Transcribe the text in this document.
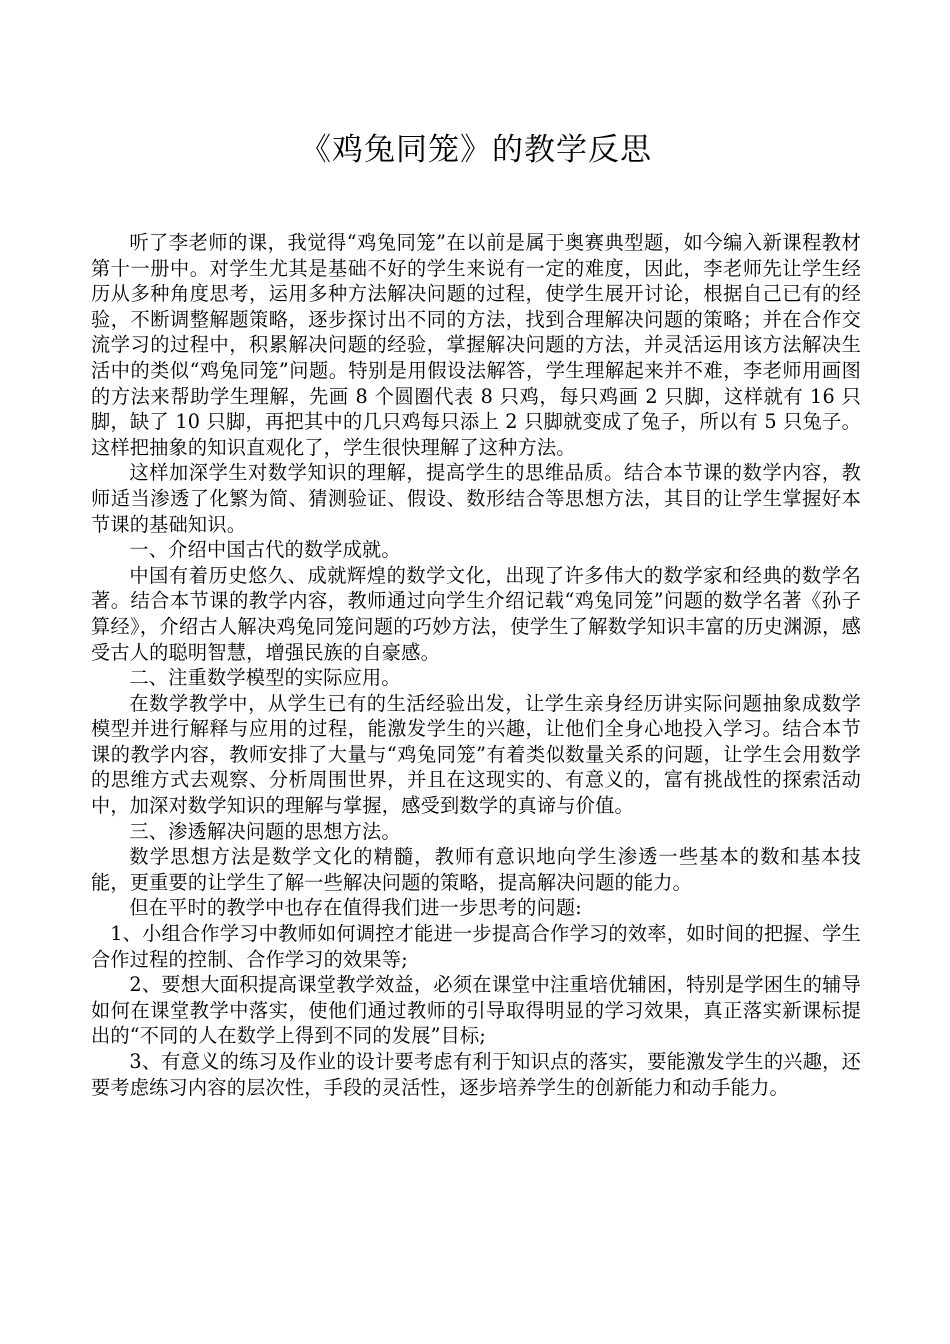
《鸡兔同笼》的教学反思

听了李老师的课，我觉得“鸡兔同笼”在以前是属于奥赛典型题，如今编入新课程教材第十一册中。对学生尤其是基础不好的学生来说有一定的难度，因此，李老师先让学生经历从多种角度思考，运用多种方法解决问题的过程，使学生展开讨论，根据自己已有的经验，不断调整解题策略，逐步探讨出不同的方法，找到合理解决问题的策略；并在合作交流学习的过程中，积累解决问题的经验，掌握解决问题的方法，并灵活运用该方法解决生活中的类似“鸡兔同笼”问题。特别是用假设法解答，学生理解起来并不难，李老师用画图的方法来帮助学生理解，先画 8 个圆圈代表 8 只鸡，每只鸡画 2 只脚，这样就有 16 只脚，缺了 10 只脚，再把其中的几只鸡每只添上 2 只脚就变成了兔子，所以有 5 只兔子。这样把抽象的知识直观化了，学生很快理解了这种方法。

这样加深学生对数学知识的理解，提高学生的思维品质。结合本节课的数学内容，教师适当渗透了化繁为简、猜测验证、假设、数形结合等思想方法，其目的让学生掌握好本节课的基础知识。

一、介绍中国古代的数学成就。

中国有着历史悠久、成就辉煌的数学文化，出现了许多伟大的数学家和经典的数学名著。结合本节课的教学内容，教师通过向学生介绍记载“鸡兔同笼”问题的数学名著《孙子算经》，介绍古人解决鸡兔同笼问题的巧妙方法，使学生了解数学知识丰富的历史渊源，感受古人的聪明智慧，增强民族的自豪感。

二、注重数学模型的实际应用。

在数学教学中，从学生已有的生活经验出发，让学生亲身经历讲实际问题抽象成数学模型并进行解释与应用的过程，能激发学生的兴趣，让他们全身心地投入学习。结合本节课的教学内容，教师安排了大量与“鸡兔同笼”有着类似数量关系的问题，让学生会用数学的思维方式去观察、分析周围世界，并且在这现实的、有意义的，富有挑战性的探索活动中，加深对数学知识的理解与掌握，感受到数学的真谛与价值。

三、渗透解决问题的思想方法。

数学思想方法是数学文化的精髓，教师有意识地向学生渗透一些基本的数和基本技能，更重要的让学生了解一些解决问题的策略，提高解决问题的能力。

但在平时的教学中也存在值得我们进一步思考的问题:

1、小组合作学习中教师如何调控才能进一步提高合作学习的效率，如时间的把握、学生合作过程的控制、合作学习的效果等;

2、要想大面积提高课堂教学效益，必须在课堂中注重培优辅困，特别是学困生的辅导如何在课堂教学中落实，使他们通过教师的引导取得明显的学习效果，真正落实新课标提出的“不同的人在数学上得到不同的发展”目标;

3、有意义的练习及作业的设计要考虑有利于知识点的落实，要能激发学生的兴趣，还要考虑练习内容的层次性，手段的灵活性，逐步培养学生的创新能力和动手能力。
